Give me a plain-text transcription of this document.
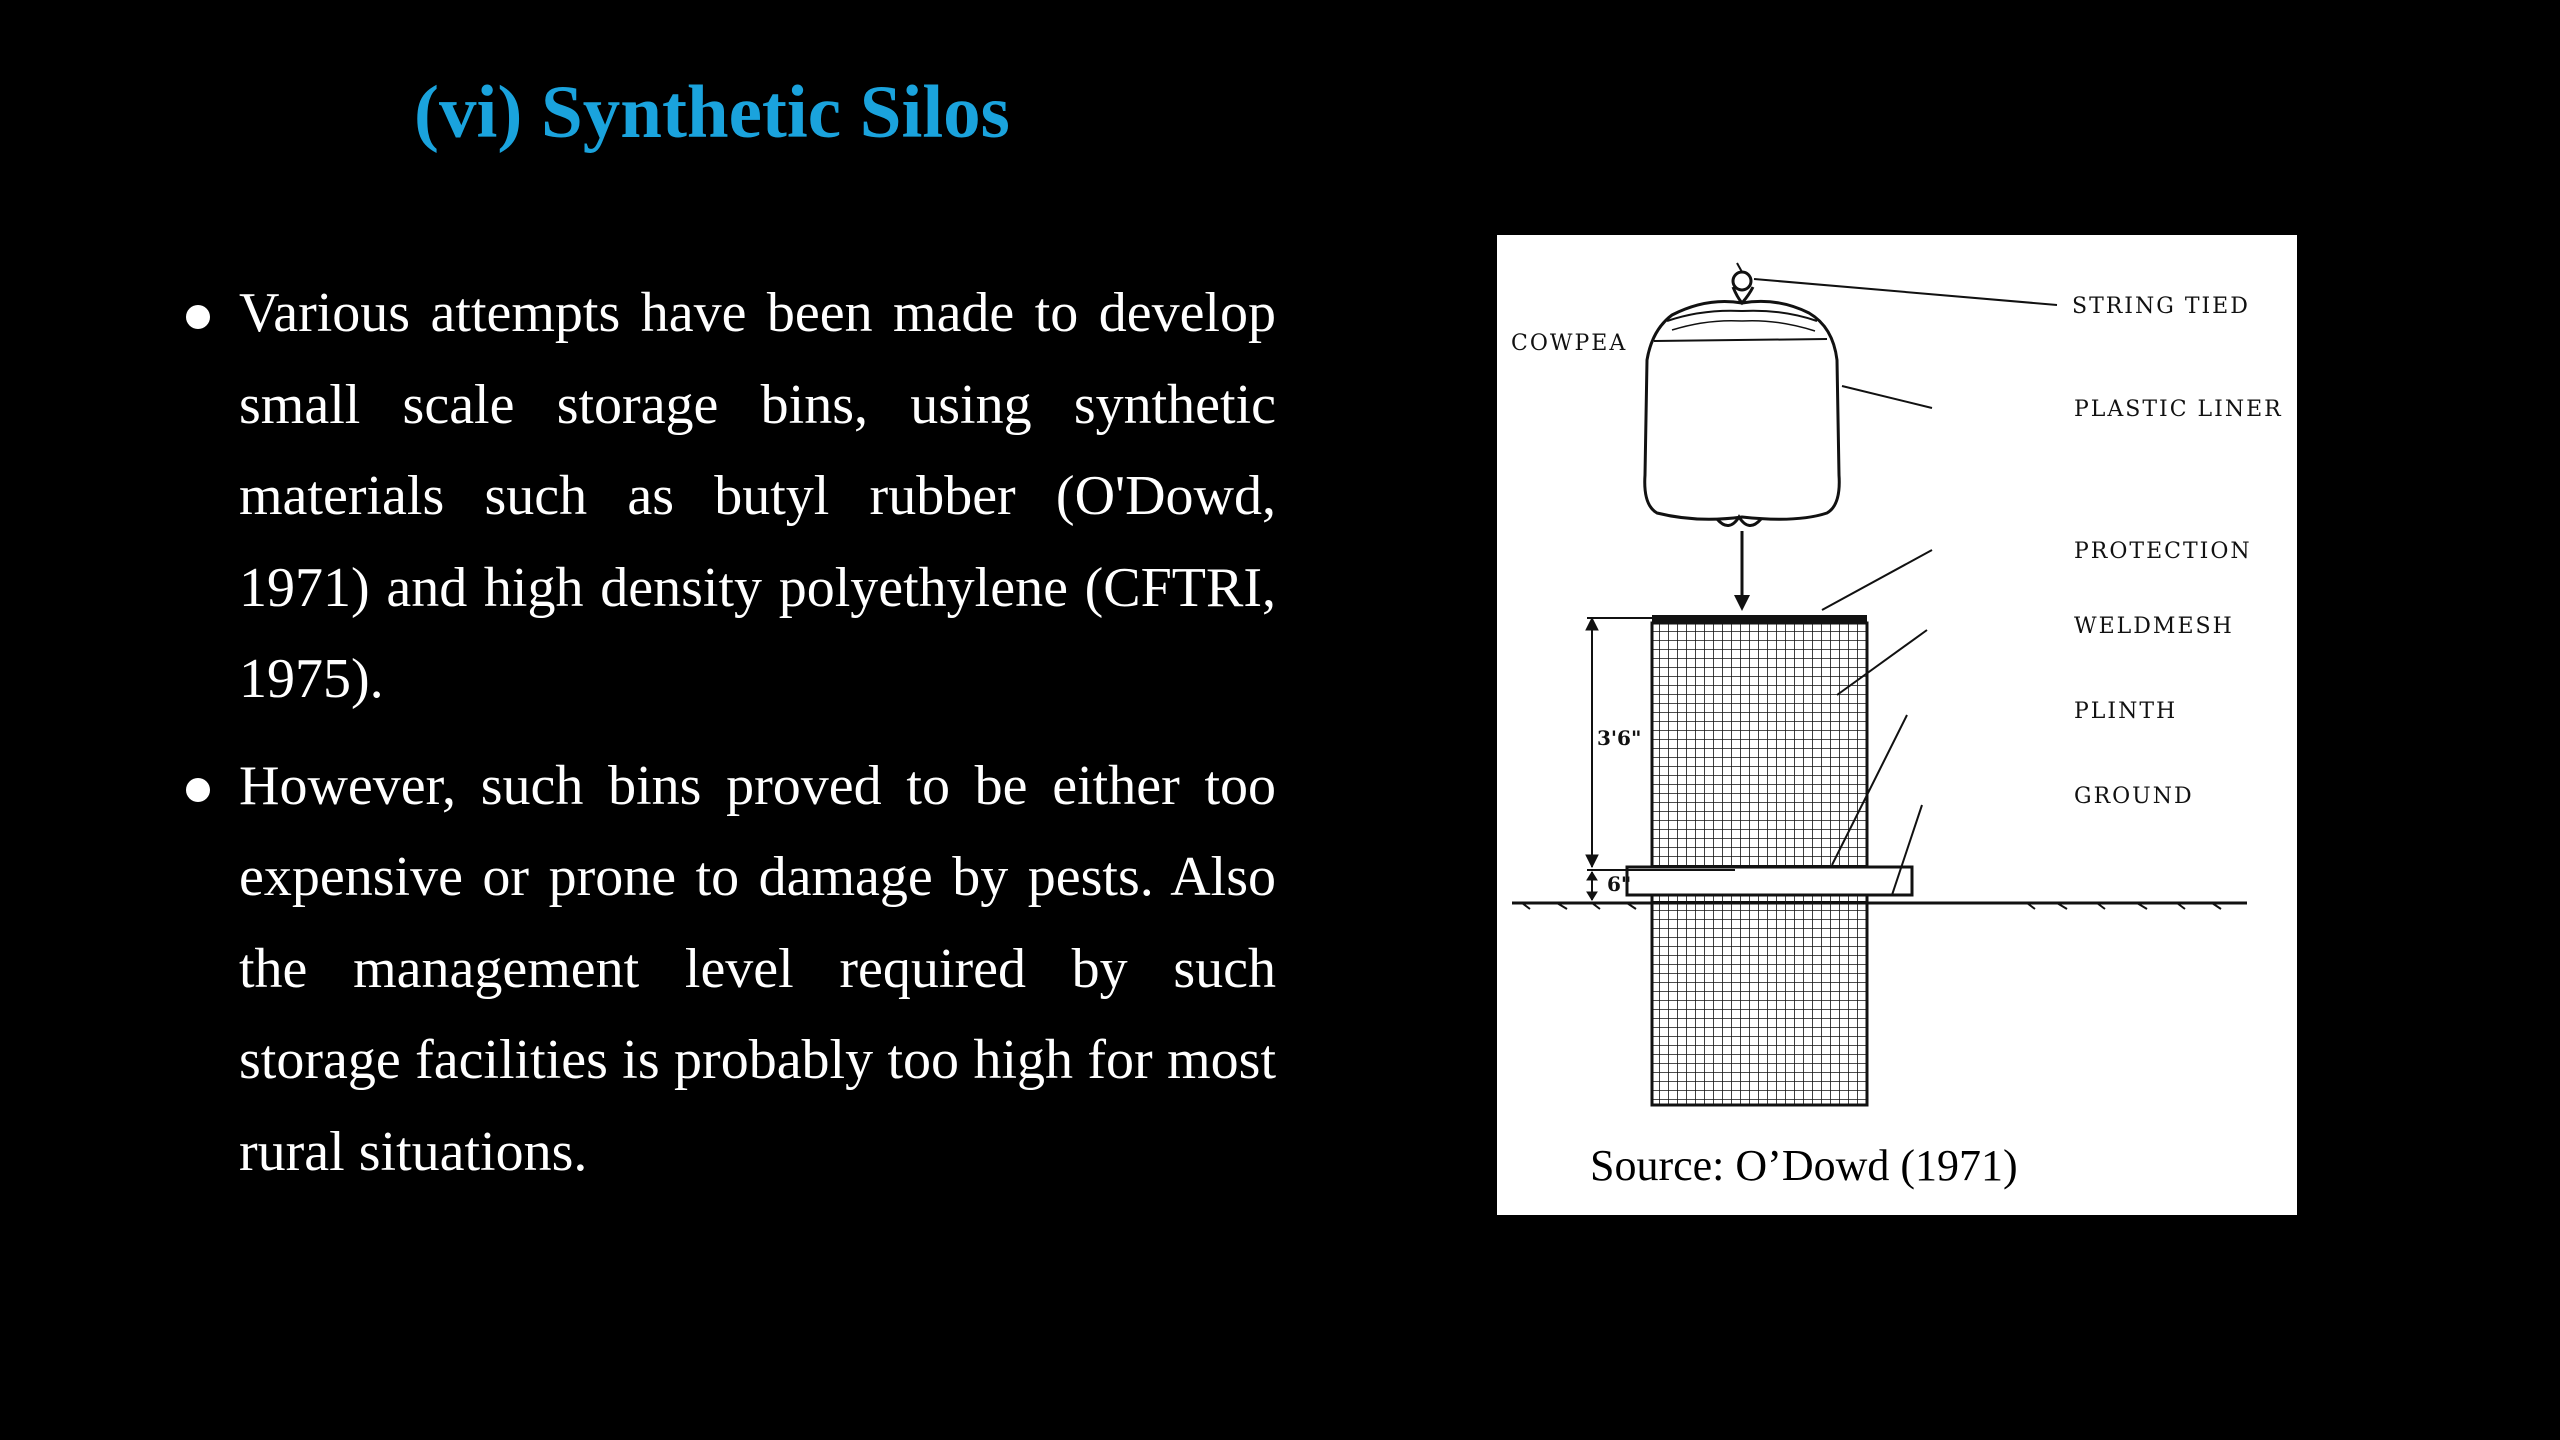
(vi) Synthetic Silos
Various attempts have been made to develop small scale storage bins, using synthetic materials such as butyl rubber (O'Dowd, 1971) and high density polyethylene (CFTRI, 1975).
However, such bins proved to be either too expensive or prone to damage by pests. Also the management level required by such storage facilities is probably too high for most rural situations.
3'6"
6"
COWPEA
STRING TIED
PLASTIC LINER
PROTECTION
WELDMESH
PLINTH
GROUND
Source: O’Dowd (1971)
